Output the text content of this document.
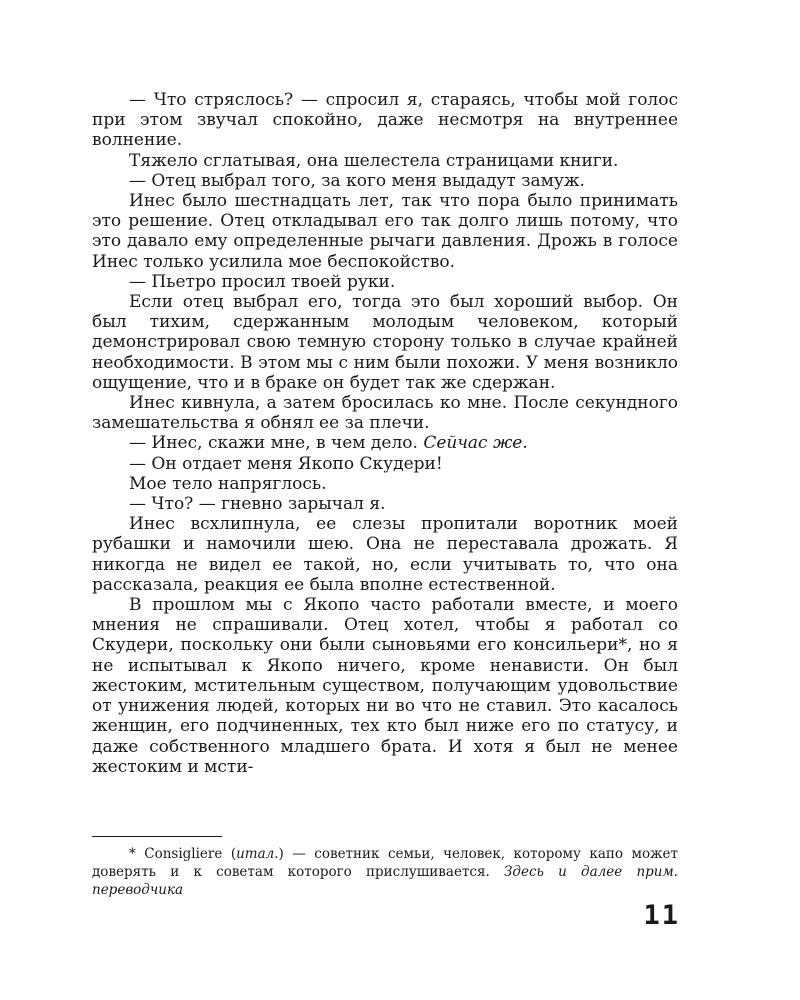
— Что стряслось? — спросил я, стараясь, чтобы мой голос при этом звучал спокойно, даже несмотря на внутреннее волнение.

Тяжело сглатывая, она шелестела страницами книги.

— Отец выбрал того, за кого меня выдадут замуж.

Инес было шестнадцать лет, так что пора было принимать это решение. Отец откладывал его так долго лишь потому, что это давало ему определенные рычаги давления. Дрожь в голосе Инес только усилила мое беспокойство.

— Пьетро просил твоей руки.

Если отец выбрал его, тогда это был хороший выбор. Он был тихим, сдержанным молодым человеком, который демонстрировал свою темную сторону только в случае крайней необходимости. В этом мы с ним были похожи. У меня возникло ощущение, что и в браке он будет так же сдержан.

Инес кивнула, а затем бросилась ко мне. После секундного замешательства я обнял ее за плечи.

— Инес, скажи мне, в чем дело. Сейчас же.

— Он отдает меня Якопо Скудери!

Мое тело напряглось.

— Что? — гневно зарычал я.

Инес всхлипнула, ее слезы пропитали воротник моей рубашки и намочили шею. Она не переставала дрожать. Я никогда не видел ее такой, но, если учитывать то, что она рассказала, реакция ее была вполне естественной.

В прошлом мы с Якопо часто работали вместе, и моего мнения не спрашивали. Отец хотел, чтобы я работал со Скудери, поскольку они были сыновьями его консильери*, но я не испытывал к Якопо ничего, кроме ненависти. Он был жестоким, мстительным существом, получающим удовольствие от унижения людей, которых ни во что не ставил. Это касалось женщин, его подчиненных, тех кто был ниже его по статусу, и даже собственного младшего брата. И хотя я был не менее жестоким и мсти-

* Consigliere (итал.) — советник семьи, человек, которому капо может доверять и к советам которого прислушивается. Здесь и далее прим. переводчика
11
